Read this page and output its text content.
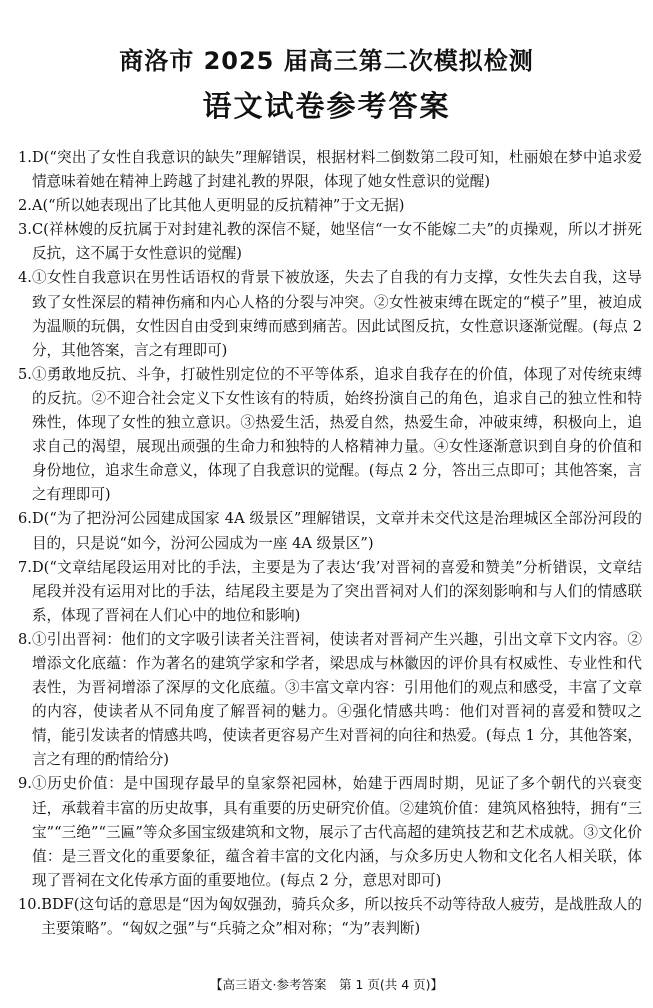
商洛市 2025 届高三第二次模拟检测
语文试卷参考答案
1. D(“突出了女性自我意识的缺失”理解错误，根据材料二倒数第二段可知，杜丽娘在梦中追求爱情意味着她在精神上跨越了封建礼教的界限，体现了她女性意识的觉醒)
2. A(“所以她表现出了比其他人更明显的反抗精神”于文无据)
3. C(祥林嫂的反抗属于对封建礼教的深信不疑，她坚信“一女不能嫁二夫”的贞操观，所以才拼死反抗，这不属于女性意识的觉醒)
4. ①女性自我意识在男性话语权的背景下被放逐，失去了自我的有力支撑，女性失去自我，这导致了女性深层的精神伤痛和内心人格的分裂与冲突。②女性被束缚在既定的“模子”里，被迫成为温顺的玩偶，女性因自由受到束缚而感到痛苦。因此试图反抗，女性意识逐渐觉醒。(每点 2 分，其他答案，言之有理即可)
5. ①勇敢地反抗、斗争，打破性别定位的不平等体系，追求自我存在的价值，体现了对传统束缚的反抗。②不迎合社会定义下女性该有的特质，始终扮演自己的角色，追求自己的独立性和特殊性，体现了女性的独立意识。③热爱生活，热爱自然，热爱生命，冲破束缚，积极向上，追求自己的渴望，展现出顽强的生命力和独特的人格精神力量。④女性逐渐意识到自身的价值和身份地位，追求生命意义，体现了自我意识的觉醒。(每点 2 分，答出三点即可；其他答案，言之有理即可)
6. D(“为了把汾河公园建成国家 4A 级景区”理解错误，文章并未交代这是治理城区全部汾河段的目的，只是说“如今，汾河公园成为一座 4A 级景区”)
7. D(“文章结尾段运用对比的手法，主要是为了表达‘我’对晋祠的喜爱和赞美”分析错误，文章结尾段并没有运用对比的手法，结尾段主要是为了突出晋祠对人们的深刻影响和与人们的情感联系，体现了晋祠在人们心中的地位和影响)
8. ①引出晋祠：他们的文字吸引读者关注晋祠，使读者对晋祠产生兴趣，引出文章下文内容。②增添文化底蕴：作为著名的建筑学家和学者，梁思成与林徽因的评价具有权威性、专业性和代表性，为晋祠增添了深厚的文化底蕴。③丰富文章内容：引用他们的观点和感受，丰富了文章的内容，使读者从不同角度了解晋祠的魅力。④强化情感共鸣：他们对晋祠的喜爱和赞叹之情，能引发读者的情感共鸣，使读者更容易产生对晋祠的向往和热爱。(每点 1 分，其他答案，言之有理的酌情给分)
9. ①历史价值：是中国现存最早的皇家祭祀园林，始建于西周时期，见证了多个朝代的兴衰变迁，承载着丰富的历史故事，具有重要的历史研究价值。②建筑价值：建筑风格独特，拥有“三宝”“三绝”“三匾”等众多国宝级建筑和文物，展示了古代高超的建筑技艺和艺术成就。③文化价值：是三晋文化的重要象征，蕴含着丰富的文化内涵，与众多历史人物和文化名人相关联，体现了晋祠在文化传承方面的重要地位。(每点 2 分，意思对即可)
10. BDF(这句话的意思是“因为匈奴强劲，骑兵众多，所以按兵不动等待敌人疲劳，是战胜敌人的主要策略”。“匈奴之强”与“兵骑之众”相对称；“为”表判断)
【高三语文·参考答案　第 1 页(共 4 页)】
